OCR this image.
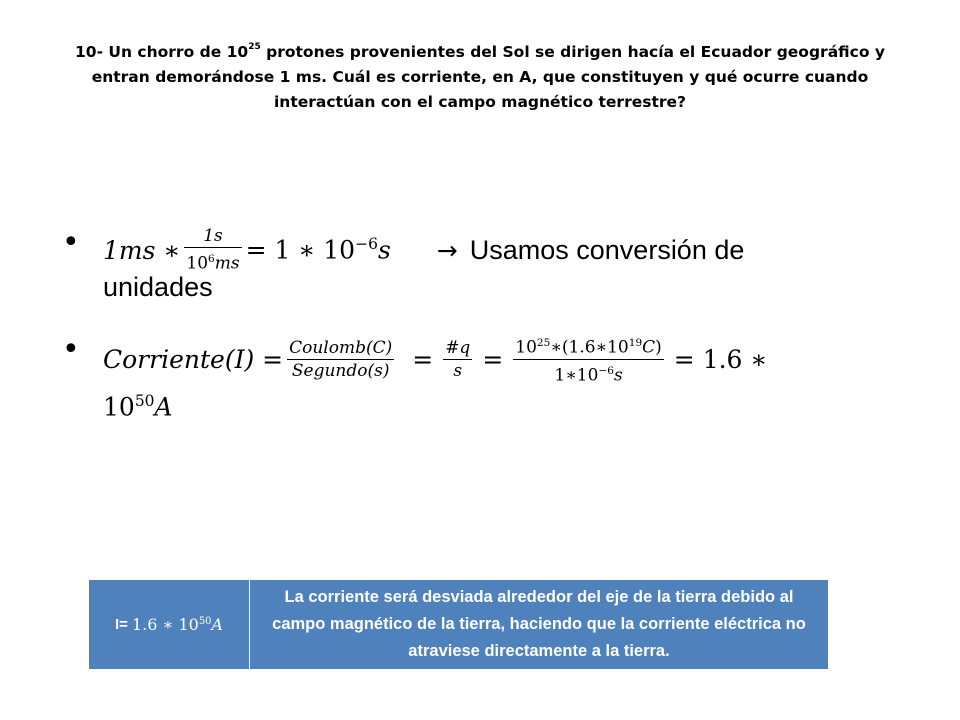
10- Un chorro de $10^{25}$ protones provenientes del Sol se dirigen hacía el Ecuador geográfico y entran demorándose 1 ms. Cuál es corriente, en A, que constituyen y qué ocurre cuando interactúan con el campo magnético terrestre?
• 1𝑚𝑠 ∗ $\frac{\text{1𝑠}}{10^6𝑚𝑠} = 1$ ∗ $10^{-6}𝑠$ → Usamos conversión de
unidades
• 𝐶𝑜𝑟𝑟𝑖𝑒𝑛𝑡𝑒(𝐼) = $\frac{\text{𝐶𝑜𝑢𝑙𝑜𝑚𝑏(𝐶)}}{\text{𝑆𝑒𝑔𝑢𝑛𝑑𝑜(𝑠)}} = \frac{\text{\#𝑞}}{\text{𝑠}} = \frac{10^{25}∗(1.6∗10^{19}𝐶)}{1∗10^{-6}𝑠} = 1.6$ ∗
$10^{50}𝐴$
I= 1.6 ∗ $10^{50}𝐴$
La corriente será desviada alrededor del eje de la tierra debido al campo magnético de la tierra, haciendo que la corriente eléctrica no atraviese directamente a la tierra.
